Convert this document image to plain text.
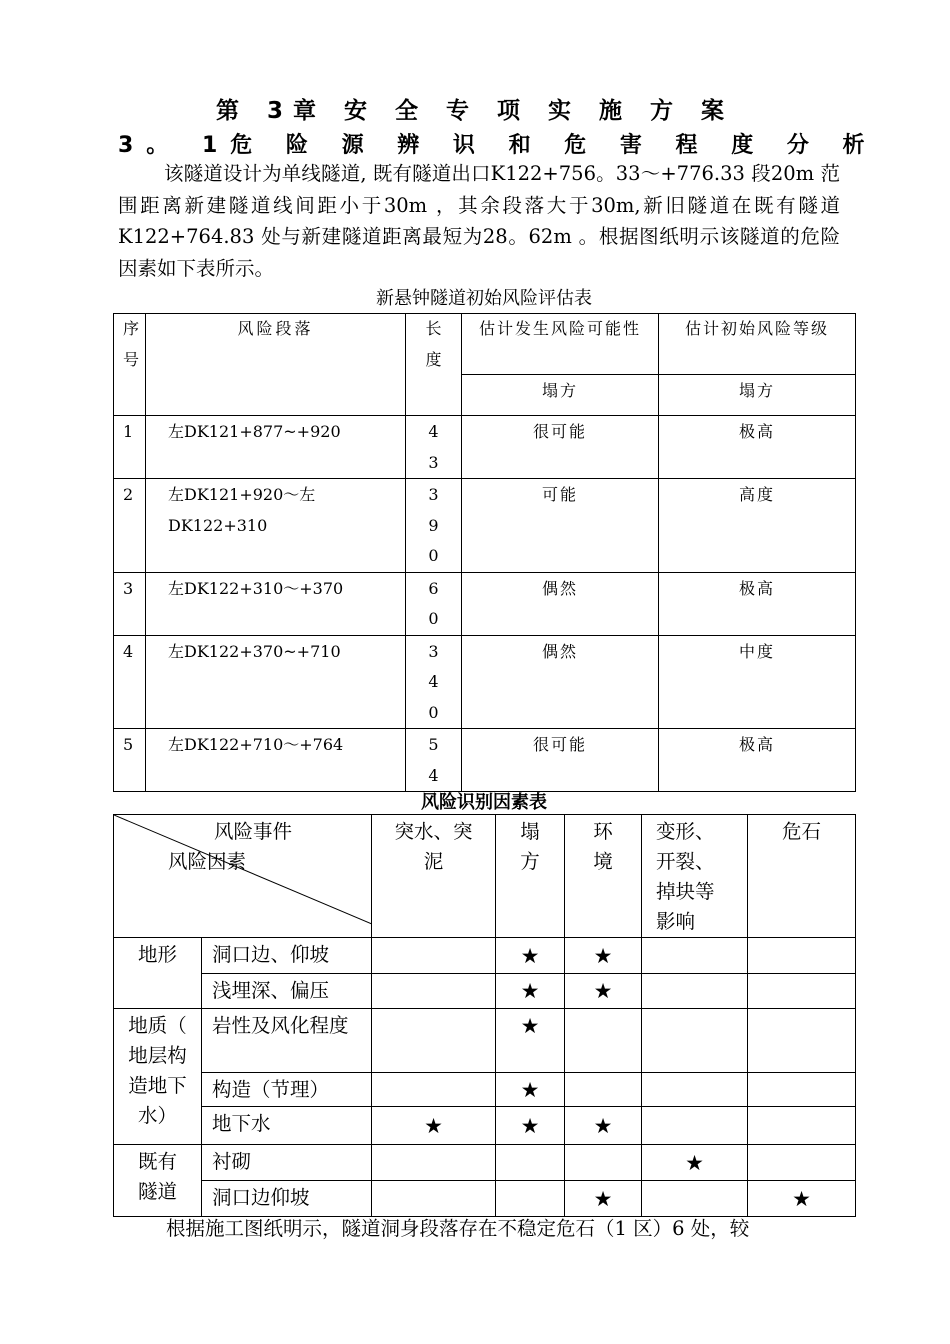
第 3章 安 全 专 项 实 施 方 案
3。 1危 险 源 辨 识 和 危 害 程 度 分 析

该隧道设计为单线隧道, 既有隧道出口K122+756。33～+776.33 段20m 范围距离新建隧道线间距小于30m ，其余段落大于30m,新旧隧道在既有隧道K122+764.83 处与新建隧道距离最短为28。62m 。根据图纸明示该隧道的危险因素如下表所示。

新悬钟隧道初始风险评估表
序号	风险段落	长度	估计发生风险可能性	估计初始风险等级

			塌方	塌方
1	左DK121+877~+920	43	很可能	极高
2	左DK121+920～左DK122+310	390	可能	高度
3	左DK122+310～+370	60	偶然	极高
4	左DK122+370~+710	340	偶然	中度
5	左DK122+710～+764	54	很可能	极高
风险识别因素表
风险事件
风险因素		突水、突泥	塌方	环境	变形、开裂、掉块等影响	危石
地形	洞口边、仰坡		★	★		
	浅埋深、偏压		★	★		

地质（ 地层构造地下水）	岩性及风化程度		★			
	构造（节理）		★			
	地下水	★	★	★		

既有隧道	衬砌				★	
	洞口边仰坡			★		★

根据施工图纸明示，隧道洞身段落存在不稳定危石（1 区）6 处，较
